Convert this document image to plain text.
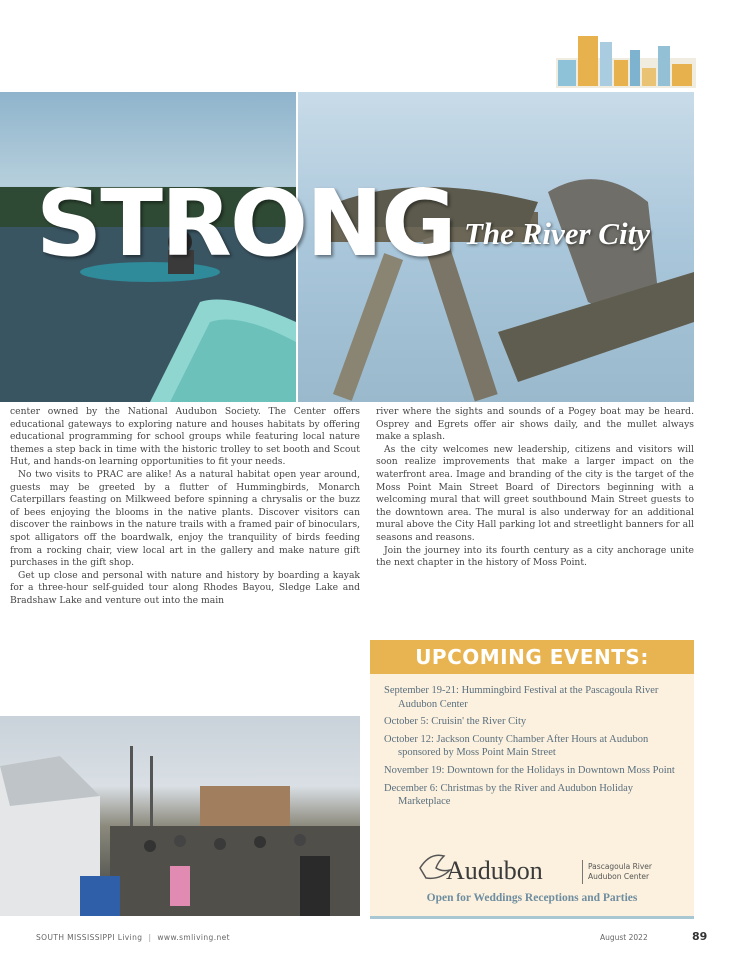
STRONG The River City

center owned by the National Audubon Society. The Center offers educational gateways to exploring nature and houses habitats by offering educational programming for school groups while featuring local nature themes a step back in time with the historic trolley to set booth and Scout Hut, and hands-on learning opportunities to fit your needs.

No two visits to PRAC are alike! As a natural habitat open year around, guests may be greeted by a flutter of Hummingbirds, Monarch Caterpillars feasting on Milkweed before spinning a chrysalis or the buzz of bees enjoying the blooms in the native plants. Discover visitors can discover the rainbows in the nature trails with a framed pair of binoculars, spot alligators off the boardwalk, enjoy the tranquility of birds feeding from a rocking chair, view local art in the gallery and make nature gift purchases in the gift shop.

Get up close and personal with nature and history by boarding a kayak for a three-hour self-guided tour along Rhodes Bayou, Sledge Lake and Bradshaw Lake and venture out into the main

river where the sights and sounds of a Pogey boat may be heard. Osprey and Egrets offer air shows daily, and the mullet always make a splash.

As the city welcomes new leadership, citizens and visitors will soon realize improvements that make a larger impact on the waterfront area. Image and branding of the city is the target of the Moss Point Main Street Board of Directors beginning with a welcoming mural that will greet southbound Main Street guests to the downtown area. The mural is also underway for an additional mural above the City Hall parking lot and streetlight banners for all seasons and reasons.

Join the journey into its fourth century as a city anchorage unite the next chapter in the history of Moss Point.

UPCOMING EVENTS:
September 19-21: Hummingbird Festival at the Pascagoula River Audubon Center
October 5: Cruisin' the River City
October 12: Jackson County Chamber After Hours at Audubon sponsored by Moss Point Main Street
November 19: Downtown for the Holidays in Downtown Moss Point
December 6: Christmas by the River and Audubon Holiday Marketplace
Audubon	Pascagoula River
Audubon Center
Open for Weddings Receptions and Parties
SOUTH MISSISSIPPI Living | www.smliving.net	August 2022	89
